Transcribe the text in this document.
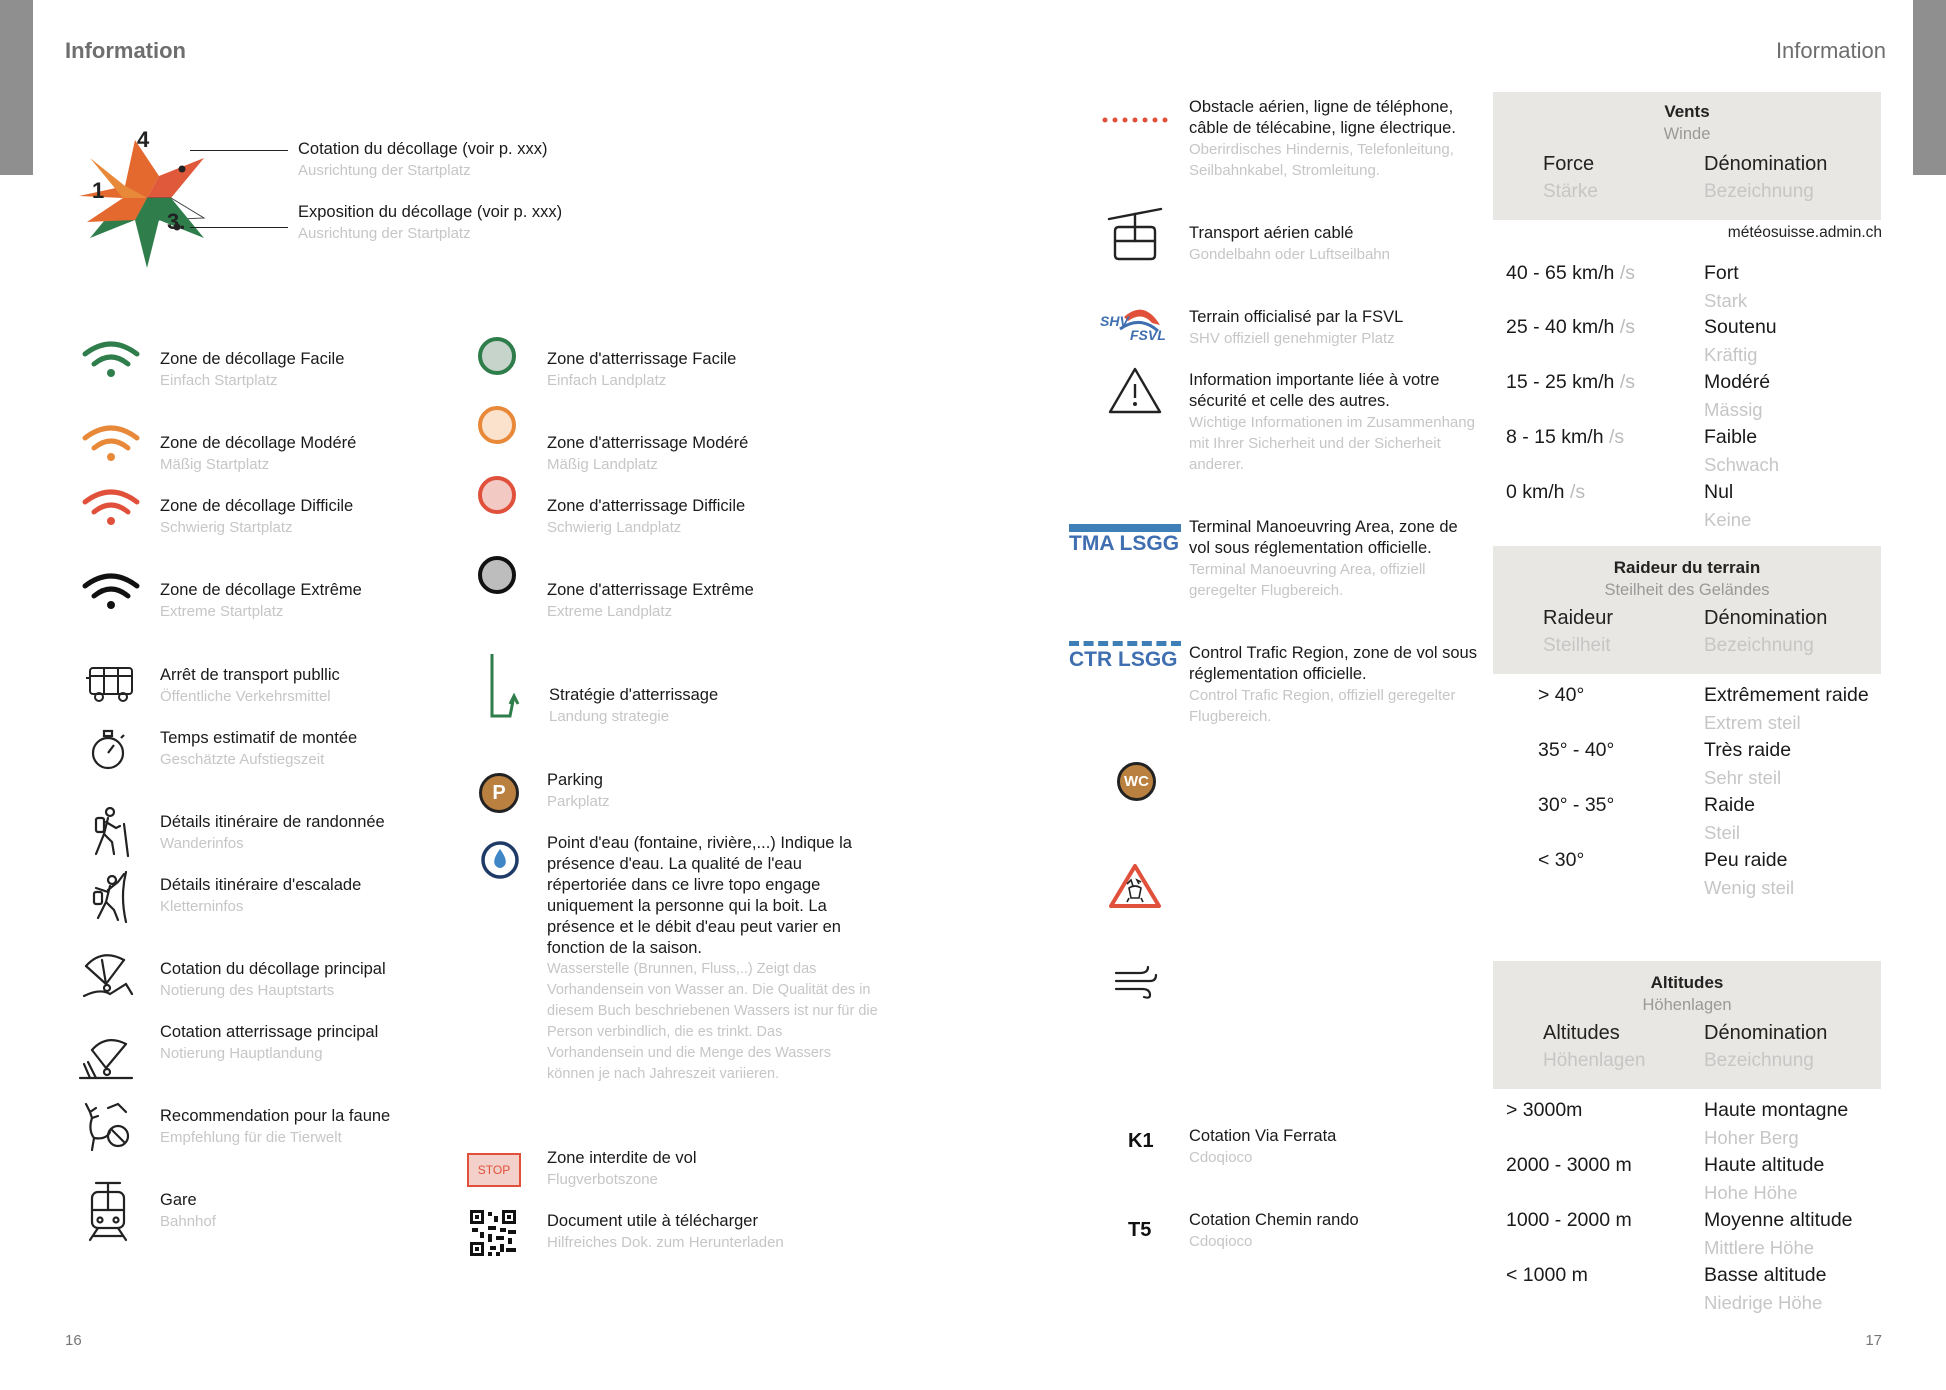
Information	Information
4
1
3.
Cotation du décollage (voir p. xxx)
Ausrichtung der Startplatz
Exposition du décollage (voir p. xxx)
Ausrichtung der Startplatz
Zone de décollage Facile
Einfach Startplatz
Zone de décollage Modéré
Mäßig Startplatz
Zone de décollage Difficile
Schwierig Startplatz
Zone de décollage Extrême
Extreme Startplatz
Arrêt de transport publlic
Öffentliche Verkehrsmittel
Temps estimatif de montée
Geschätzte Aufstiegszeit
Détails itinéraire de randonnée
Wanderinfos
Détails itinéraire d'escalade
Kletterninfos
Cotation du décollage principal
Notierung des Hauptstarts
Cotation atterrissage principal
Notierung Hauptlandung
Recommendation pour la faune
Empfehlung für die Tierwelt
Gare
Bahnhof
P
STOP
Zone d'atterrissage Facile
Einfach Landplatz
Zone d'atterrissage Modéré
Mäßig Landplatz
Zone d'atterrissage Difficile
Schwierig Landplatz
Zone d'atterrissage Extrême
Extreme Landplatz
Stratégie d'atterrissage
Landung strategie
Parking
Parkplatz
Point d'eau (fontaine, rivière,...) Indique la présence d'eau. La qualité de l'eau répertoriée dans ce livre topo engage uniquement la personne qui la boit. La présence et le débit d'eau peut varier en fonction de la saison.
Wasserstelle (Brunnen, Fluss,..) Zeigt das Vorhandensein von Wasser an. Die Qualität des in diesem Buch beschriebenen Wassers ist nur für die Person verbindlich, die es trinkt. Das Vorhandensein und die Menge des Wassers können je nach Jahreszeit variieren.
Zone interdite de vol
Flugverbotszone
Document utile à télécharger
Hilfreiches Dok. zum Herunterladen
SHV
FSVL
TMA LSGG
CTR LSGG
WC
K1
T5
Obstacle aérien, ligne de téléphone, câble de télécabine, ligne électrique.
Oberirdisches Hindernis, Telefonleitung, Seilbahnkabel, Stromleitung.
Transport aérien cablé
Gondelbahn oder Luftseilbahn
Terrain officialisé par la FSVL
SHV offiziell genehmigter Platz
Information importante liée à votre sécurité et celle des autres.
Wichtige Informationen im Zusammenhang mit Ihrer Sicherheit und der Sicherheit anderer.
Terminal Manoeuvring Area, zone de vol sous réglementation officielle.
Terminal Manoeuvring Area, offiziell geregelter Flugbereich.
Control Trafic Region, zone de vol sous réglementation officielle.
Control Trafic Region, offiziell geregelter Flugbereich.
Cotation Via Ferrata
Cdoqioco
Cotation Chemin rando
Cdoqioco
Vents
Winde
Force
Stärke
Dénomination
Bezeichnung
météosuisse.admin.ch
40 - 65 km/h /s	Fort
Stark
25 - 40 km/h /s	Soutenu
Kräftig
15 - 25 km/h /s	Modéré
Mässig
8 - 15 km/h /s	Faible
Schwach
0 km/h /s	Nul
Keine
Raideur du terrain
Steilheit des Geländes
Raideur
Steilheit
Dénomination
Bezeichnung
> 40°	Extrêmement raide
Extrem steil
35° - 40°	Très raide
Sehr steil
30° - 35°	Raide
Steil
< 30°	Peu raide
Wenig steil
Altitudes
Höhenlagen
Altitudes
Höhenlagen
Dénomination
Bezeichnung
> 3000m	Haute montagne
Hoher Berg
2000 - 3000 m	Haute altitude
Hohe Höhe
1000 - 2000 m	Moyenne altitude
Mittlere Höhe
< 1000 m	Basse altitude
Niedrige Höhe
16	17
